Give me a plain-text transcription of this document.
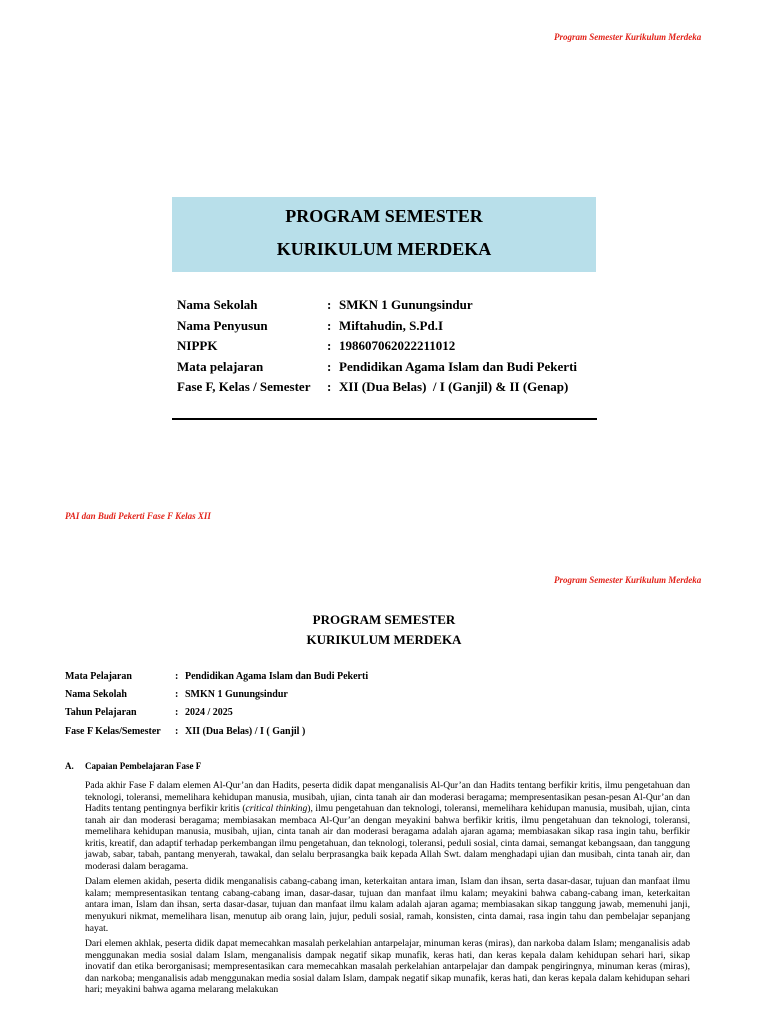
Program Semester Kurikulum Merdeka
PROGRAM SEMESTER
KURIKULUM MERDEKA
Nama Sekolah	: SMKN 1 Gunungsindur
Nama Penyusun	: Miftahudin, S.Pd.I
NIPPK	: 198607062022211012
Mata pelajaran	: Pendidikan Agama Islam dan Budi Pekerti
Fase F, Kelas / Semester : XII (Dua Belas)  / I (Ganjil) & II (Genap)
PAI dan Budi Pekerti Fase F Kelas XII
Program Semester Kurikulum Merdeka
PROGRAM SEMESTER
KURIKULUM MERDEKA
Mata Pelajaran	: Pendidikan Agama Islam dan Budi Pekerti
Nama Sekolah	: SMKN 1 Gunungsindur
Tahun Pelajaran	: 2024 / 2025
Fase F Kelas/Semester : XII (Dua Belas) / I ( Ganjil )
A. Capaian Pembelajaran Fase F

Pada akhir Fase F dalam elemen Al-Qur’an dan Hadits, peserta didik dapat menganalisis Al-Qur’an dan Hadits tentang berfikir kritis, ilmu pengetahuan dan teknologi, toleransi, memelihara kehidupan manusia, musibah, ujian, cinta tanah air dan moderasi beragama; mempresentasikan pesan-pesan Al-Qur’an dan Hadits tentang pentingnya berfikir kritis (critical thinking), ilmu pengetahuan dan teknologi, toleransi, memelihara kehidupan manusia, musibah, ujian, cinta tanah air dan moderasi beragama; membiasakan membaca Al-Qur’an dengan meyakini bahwa berfikir kritis, ilmu pengetahuan dan teknologi, toleransi, memelihara kehidupan manusia, musibah, ujian, cinta tanah air dan moderasi beragama adalah ajaran agama; membiasakan sikap rasa ingin tahu, berfikir kritis, kreatif, dan adaptif terhadap perkembangan ilmu pengetahuan, dan teknologi, toleransi, peduli sosial, cinta damai, semangat kebangsaan, dan tanggung jawab, sabar, tabah, pantang menyerah, tawakal, dan selalu berprasangka baik kepada Allah Swt. dalam menghadapi ujian dan musibah, cinta tanah air, dan moderasi dalam beragama.

Dalam elemen akidah, peserta didik menganalisis cabang-cabang iman, keterkaitan antara iman, Islam dan ihsan, serta dasar-dasar, tujuan dan manfaat ilmu kalam; mempresentasikan tentang cabang-cabang iman, dasar-dasar, tujuan dan manfaat ilmu kalam; meyakini bahwa cabang-cabang iman, keterkaitan antara iman, Islam dan ihsan, serta dasar-dasar, tujuan dan manfaat ilmu kalam adalah ajaran agama; membiasakan sikap tanggung jawab, memenuhi janji, menyukuri nikmat, memelihara lisan, menutup aib orang lain, jujur, peduli sosial, ramah, konsisten, cinta damai, rasa ingin tahu dan pembelajar sepanjang hayat.

Dari elemen akhlak, peserta didik dapat memecahkan masalah perkelahian antarpelajar, minuman keras (miras), dan narkoba dalam Islam; menganalisis adab menggunakan media sosial dalam Islam, menganalisis dampak negatif sikap munafik, keras hati, dan keras kepala dalam kehidupan sehari hari, sikap inovatif dan etika berorganisasi; mempresentasikan cara memecahkan masalah perkelahian antarpelajar dan dampak pengiringnya, minuman keras (miras), dan narkoba; menganalisis adab menggunakan media sosial dalam Islam, dampak negatif sikap munafik, keras hati, dan keras kepala dalam kehidupan sehari hari; meyakini bahwa agama melarang melakukan
